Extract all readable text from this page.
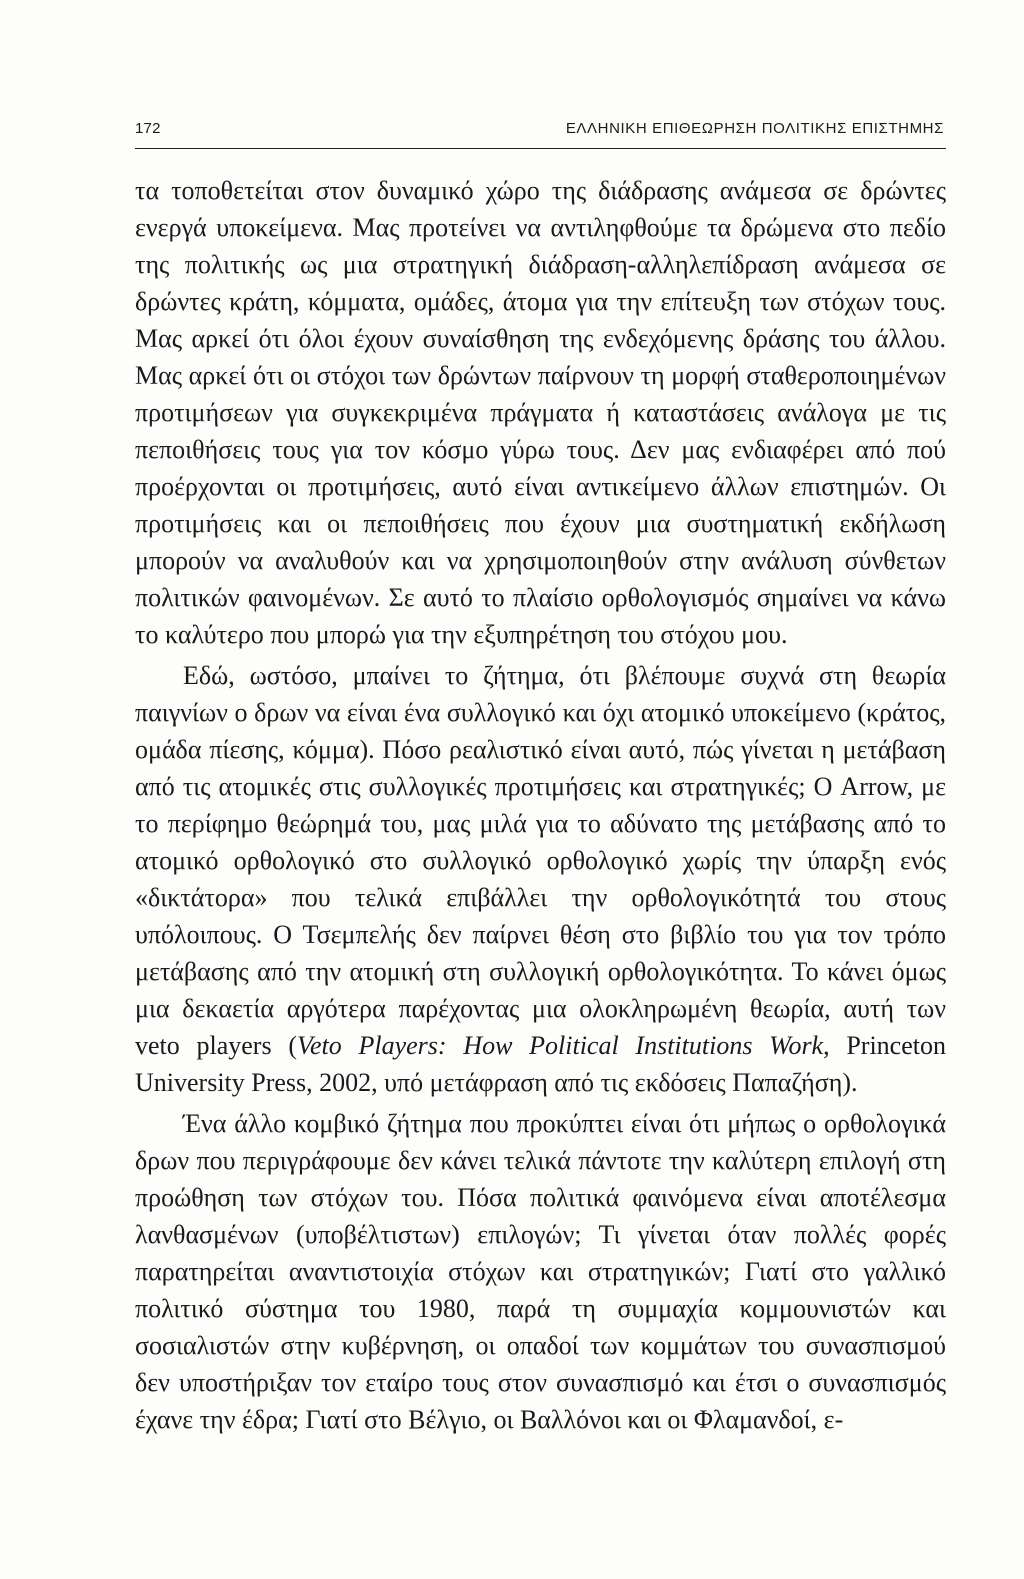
172	ΕΛΛΗΝΙΚΗ ΕΠΙΘΕΩΡΗΣΗ ΠΟΛΙΤΙΚΗΣ ΕΠΙΣΤΗΜΗΣ

τα τοποθετείται στον δυναμικό χώρο της διάδρασης ανάμεσα σε δρώντες ενεργά υποκείμενα. Μας προτείνει να αντιληφθούμε τα δρώμενα στο πεδίο της πολιτικής ως μια στρατηγική διάδραση-αλληλεπίδραση ανάμεσα σε δρώντες κράτη, κόμματα, ομάδες, άτομα για την επίτευξη των στόχων τους. Μας αρκεί ότι όλοι έχουν συναίσθηση της ενδεχόμενης δράσης του άλλου. Μας αρκεί ότι οι στόχοι των δρώντων παίρνουν τη μορφή σταθεροποιημένων προτιμήσεων για συγκεκριμένα πράγματα ή καταστάσεις ανάλογα με τις πεποιθήσεις τους για τον κόσμο γύρω τους. Δεν μας ενδιαφέρει από πού προέρχονται οι προτιμήσεις, αυτό είναι αντικείμενο άλλων επιστημών. Οι προτιμήσεις και οι πεποιθήσεις που έχουν μια συστηματική εκδήλωση μπορούν να αναλυθούν και να χρησιμοποιηθούν στην ανάλυση σύνθετων πολιτικών φαινομένων. Σε αυτό το πλαίσιο ορθολογισμός σημαίνει να κάνω το καλύτερο που μπορώ για την εξυπηρέτηση του στόχου μου.

Εδώ, ωστόσο, μπαίνει το ζήτημα, ότι βλέπουμε συχνά στη θεωρία παιγνίων ο δρων να είναι ένα συλλογικό και όχι ατομικό υποκείμενο (κράτος, ομάδα πίεσης, κόμμα). Πόσο ρεαλιστικό είναι αυτό, πώς γίνεται η μετάβαση από τις ατομικές στις συλλογικές προτιμήσεις και στρατηγικές; Ο Arrow, με το περίφημο θεώρημά του, μας μιλά για το αδύνατο της μετάβασης από το ατομικό ορθολογικό στο συλλογικό ορθολογικό χωρίς την ύπαρξη ενός «δικτάτορα» που τελικά επιβάλλει την ορθολογικότητά του στους υπόλοιπους. Ο Τσεμπελής δεν παίρνει θέση στο βιβλίο του για τον τρόπο μετάβασης από την ατομική στη συλλογική ορθολογικότητα. Το κάνει όμως μια δεκαετία αργότερα παρέχοντας μια ολοκληρωμένη θεωρία, αυτή των veto players (Veto Players: How Political Institutions Work, Princeton University Press, 2002, υπό μετάφραση από τις εκδόσεις Παπαζήση).

Ένα άλλο κομβικό ζήτημα που προκύπτει είναι ότι μήπως ο ορθολογικά δρων που περιγράφουμε δεν κάνει τελικά πάντοτε την καλύτερη επιλογή στη προώθηση των στόχων του. Πόσα πολιτικά φαινόμενα είναι αποτέλεσμα λανθασμένων (υποβέλτιστων) επιλογών; Τι γίνεται όταν πολλές φορές παρατηρείται αναντιστοιχία στόχων και στρατηγικών; Γιατί στο γαλλικό πολιτικό σύστημα του 1980, παρά τη συμμαχία κομμουνιστών και σοσιαλιστών στην κυβέρνηση, οι οπαδοί των κομμάτων του συνασπισμού δεν υποστήριξαν τον εταίρο τους στον συνασπισμό και έτσι ο συνασπισμός έχανε την έδρα; Γιατί στο Βέλγιο, οι Βαλλόνοι και οι Φλαμανδοί, ε-
